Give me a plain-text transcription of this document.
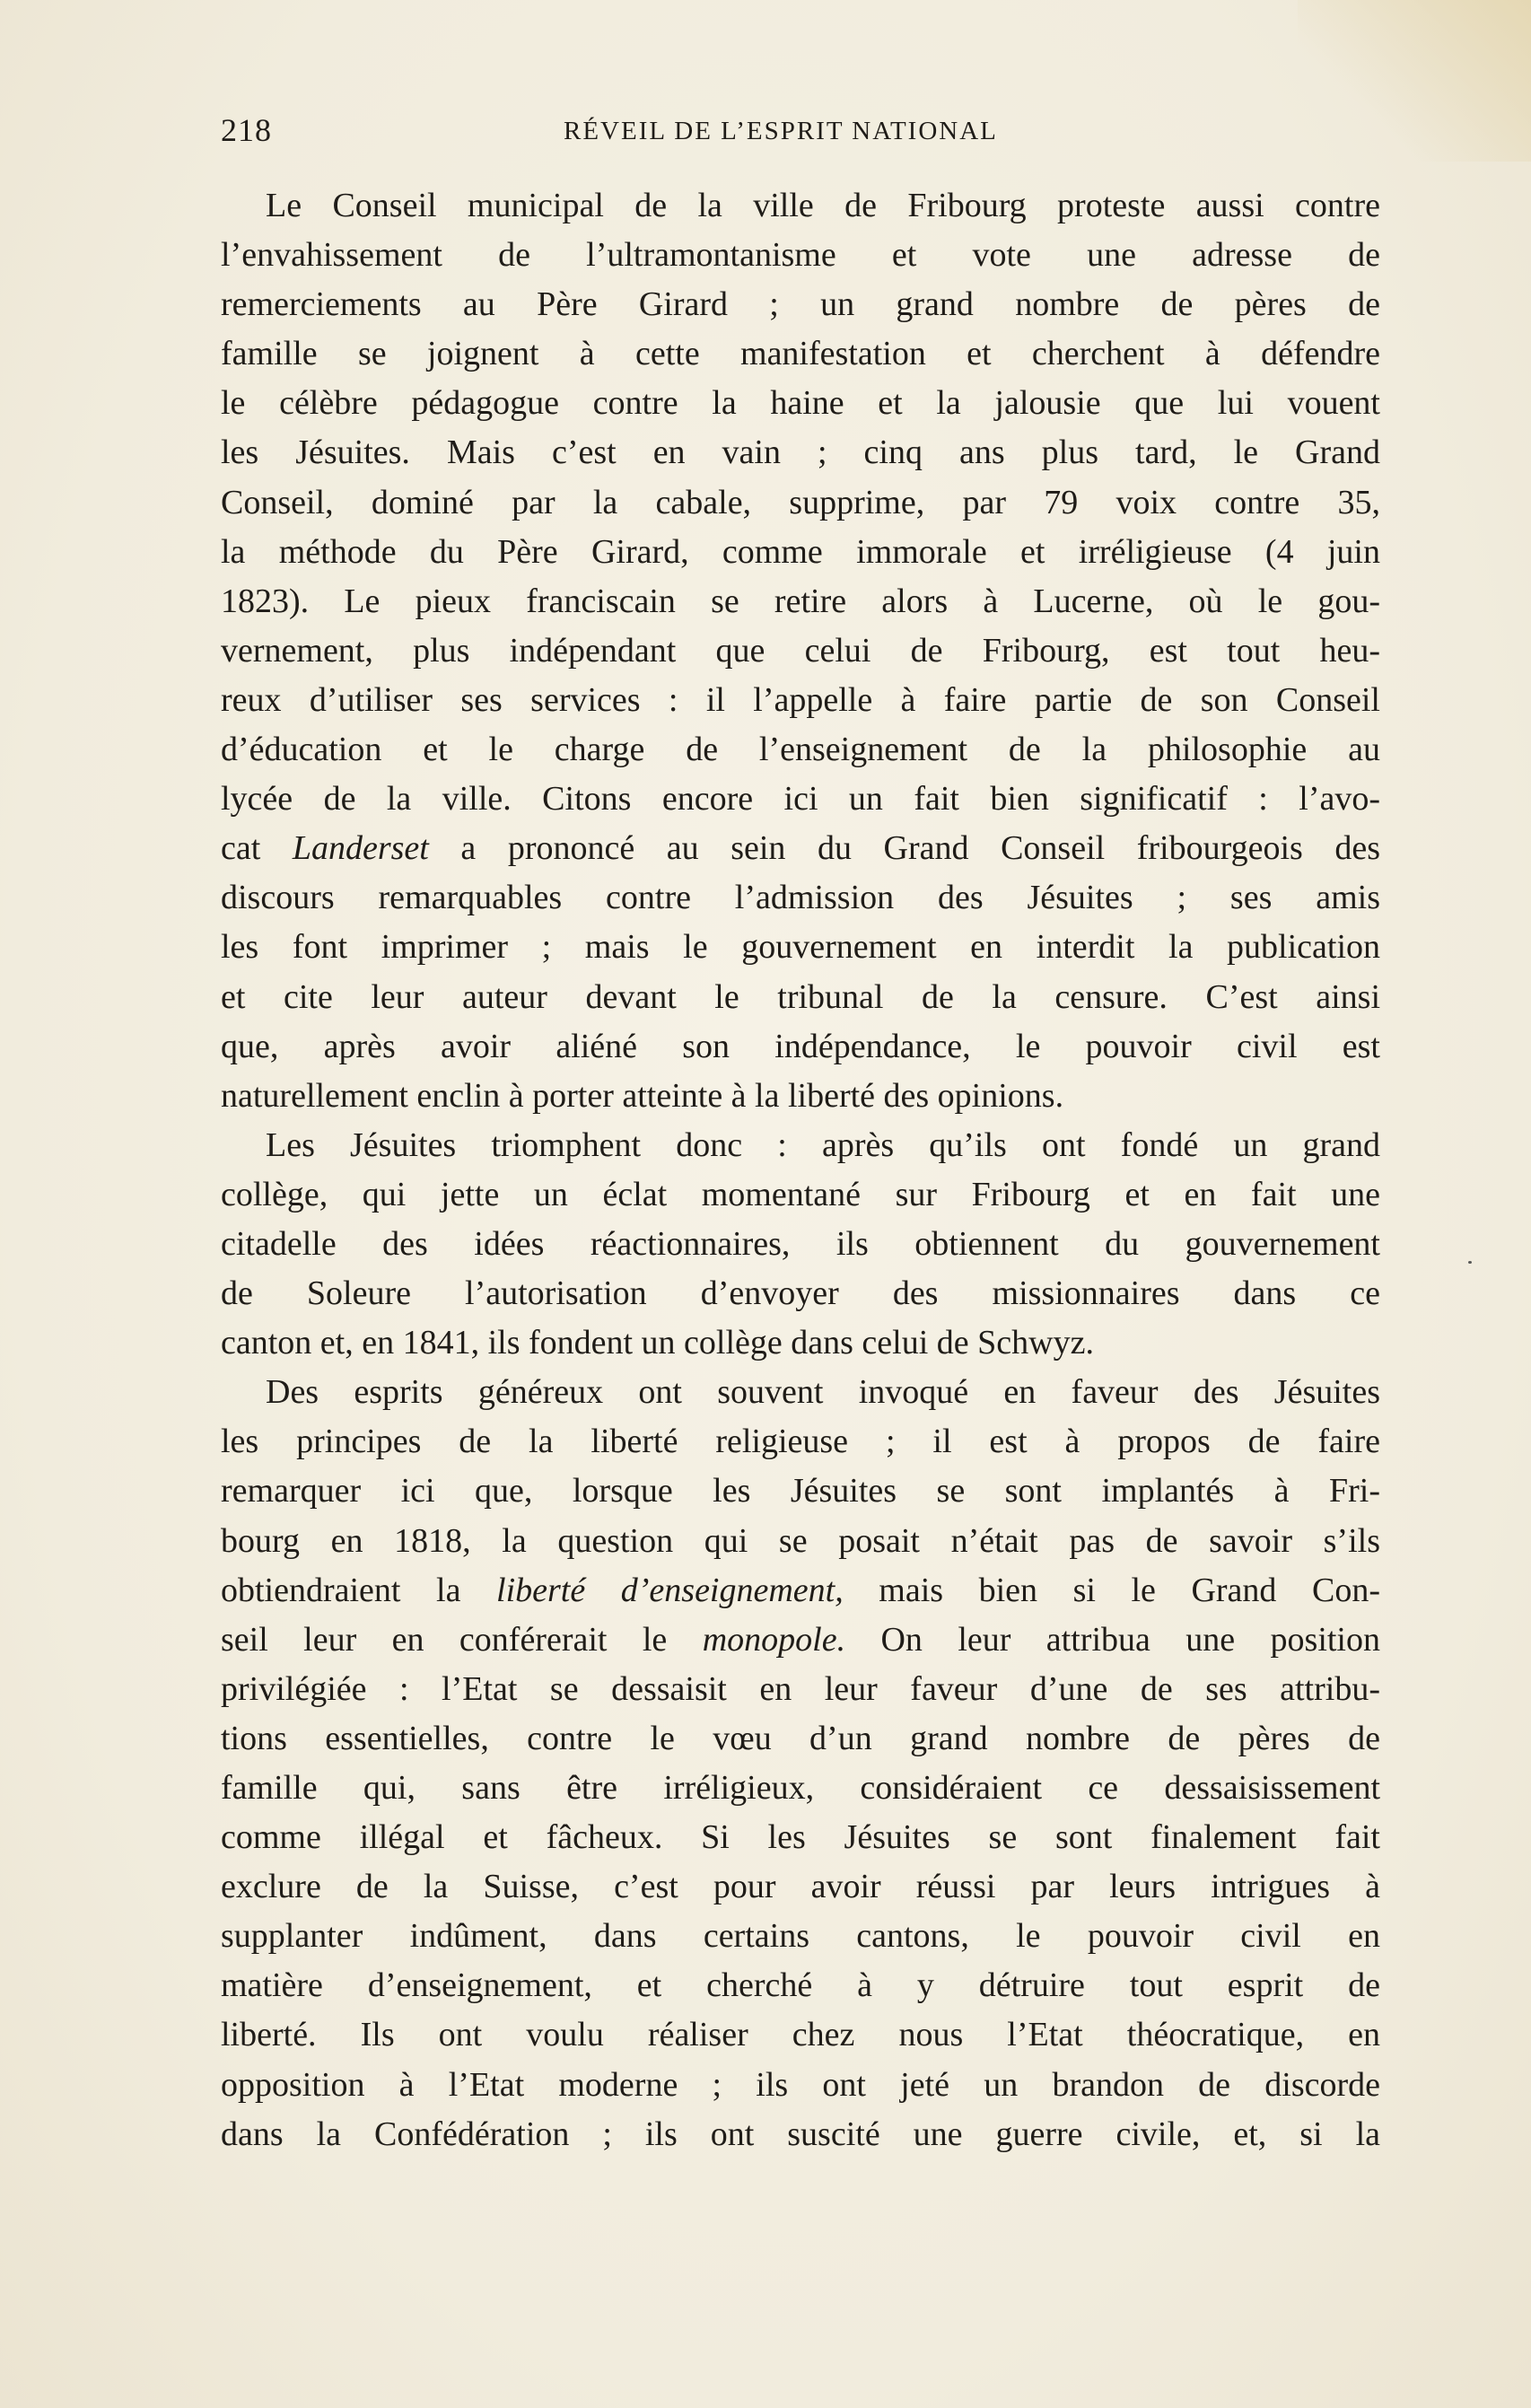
218	RÉVEIL DE L’ESPRIT NATIONAL
Le Conseil municipal de la ville de Fribourg proteste aussi contre
l’envahissement de l’ultramontanisme et vote une adresse de
remerciements au Père Girard ; un grand nombre de pères de
famille se joignent à cette manifestation et cherchent à défendre
le célèbre pédagogue contre la haine et la jalousie que lui vouent
les Jésuites. Mais c’est en vain ; cinq ans plus tard, le Grand
Conseil, dominé par la cabale, supprime, par 79 voix contre 35,
la méthode du Père Girard, comme immorale et irréligieuse (4 juin
1823). Le pieux franciscain se retire alors à Lucerne, où le gou-
vernement, plus indépendant que celui de Fribourg, est tout heu-
reux d’utiliser ses services : il l’appelle à faire partie de son Conseil
d’éducation et le charge de l’enseignement de la philosophie au
lycée de la ville. Citons encore ici un fait bien significatif : l’avo-
cat Landerset a prononcé au sein du Grand Conseil fribourgeois des
discours remarquables contre l’admission des Jésuites ; ses amis
les font imprimer ; mais le gouvernement en interdit la publication
et cite leur auteur devant le tribunal de la censure. C’est ainsi
que, après avoir aliéné son indépendance, le pouvoir civil est
naturellement enclin à porter atteinte à la liberté des opinions.
Les Jésuites triomphent donc : après qu’ils ont fondé un grand
collège, qui jette un éclat momentané sur Fribourg et en fait une
citadelle des idées réactionnaires, ils obtiennent du gouvernement
de Soleure l’autorisation d’envoyer des missionnaires dans ce
canton et, en 1841, ils fondent un collège dans celui de Schwyz.
Des esprits généreux ont souvent invoqué en faveur des Jésuites
les principes de la liberté religieuse ; il est à propos de faire
remarquer ici que, lorsque les Jésuites se sont implantés à Fri-
bourg en 1818, la question qui se posait n’était pas de savoir s’ils
obtiendraient la liberté d’enseignement, mais bien si le Grand Con-
seil leur en conférerait le monopole. On leur attribua une position
privilégiée : l’Etat se dessaisit en leur faveur d’une de ses attribu-
tions essentielles, contre le vœu d’un grand nombre de pères de
famille qui, sans être irréligieux, considéraient ce dessaisissement
comme illégal et fâcheux. Si les Jésuites se sont finalement fait
exclure de la Suisse, c’est pour avoir réussi par leurs intrigues à
supplanter indûment, dans certains cantons, le pouvoir civil en
matière d’enseignement, et cherché à y détruire tout esprit de
liberté. Ils ont voulu réaliser chez nous l’Etat théocratique, en
opposition à l’Etat moderne ; ils ont jeté un brandon de discorde
dans la Confédération ; ils ont suscité une guerre civile, et, si la
